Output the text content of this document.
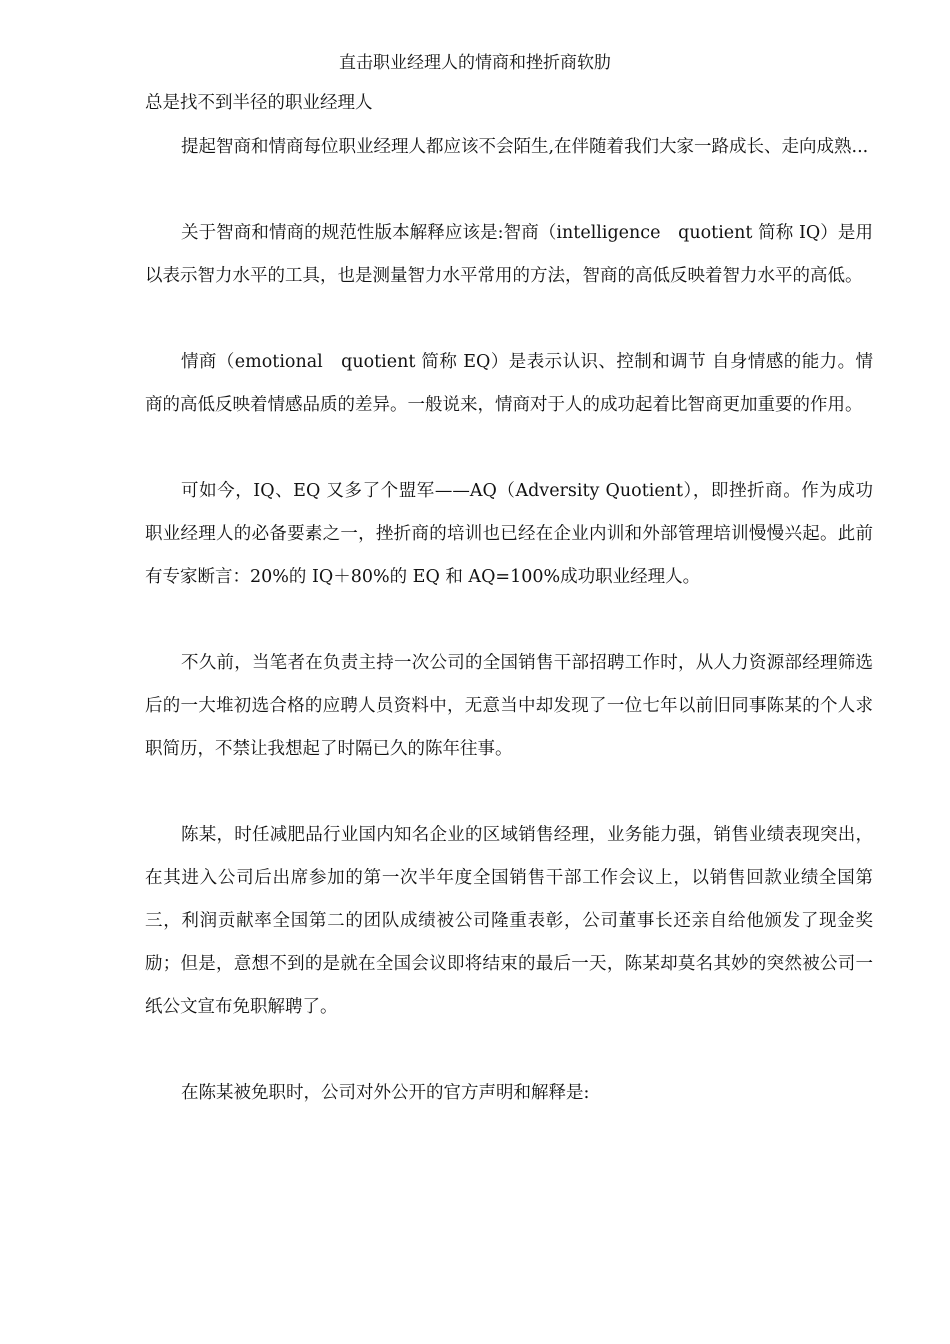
直击职业经理人的情商和挫折商软肋

总是找不到半径的职业经理人

提起智商和情商每位职业经理人都应该不会陌生,在伴随着我们大家一路成长、走向成熟...

关于智商和情商的规范性版本解释应该是:智商（intelligence　quotient 简称 IQ）是用以表示智力水平的工具，也是测量智力水平常用的方法，智商的高低反映着智力水平的高低。

情商（emotional　quotient 简称 EQ）是表示认识、控制和调节 自身情感的能力。情商的高低反映着情感品质的差异。一般说来，情商对于人的成功起着比智商更加重要的作用。

可如今，IQ、EQ 又多了个盟军——AQ（Adversity Quotient），即挫折商。作为成功职业经理人的必备要素之一，挫折商的培训也已经在企业内训和外部管理培训慢慢兴起。此前有专家断言：20%的 IQ＋80%的 EQ 和 AQ=100%成功职业经理人。

不久前，当笔者在负责主持一次公司的全国销售干部招聘工作时，从人力资源部经理筛选后的一大堆初选合格的应聘人员资料中，无意当中却发现了一位七年以前旧同事陈某的个人求职简历，不禁让我想起了时隔已久的陈年往事。

陈某，时任减肥品行业国内知名企业的区域销售经理，业务能力强，销售业绩表现突出，在其进入公司后出席参加的第一次半年度全国销售干部工作会议上，以销售回款业绩全国第三，利润贡献率全国第二的团队成绩被公司隆重表彰，公司董事长还亲自给他颁发了现金奖励；但是，意想不到的是就在全国会议即将结束的最后一天，陈某却莫名其妙的突然被公司一纸公文宣布免职解聘了。

在陈某被免职时，公司对外公开的官方声明和解释是:
